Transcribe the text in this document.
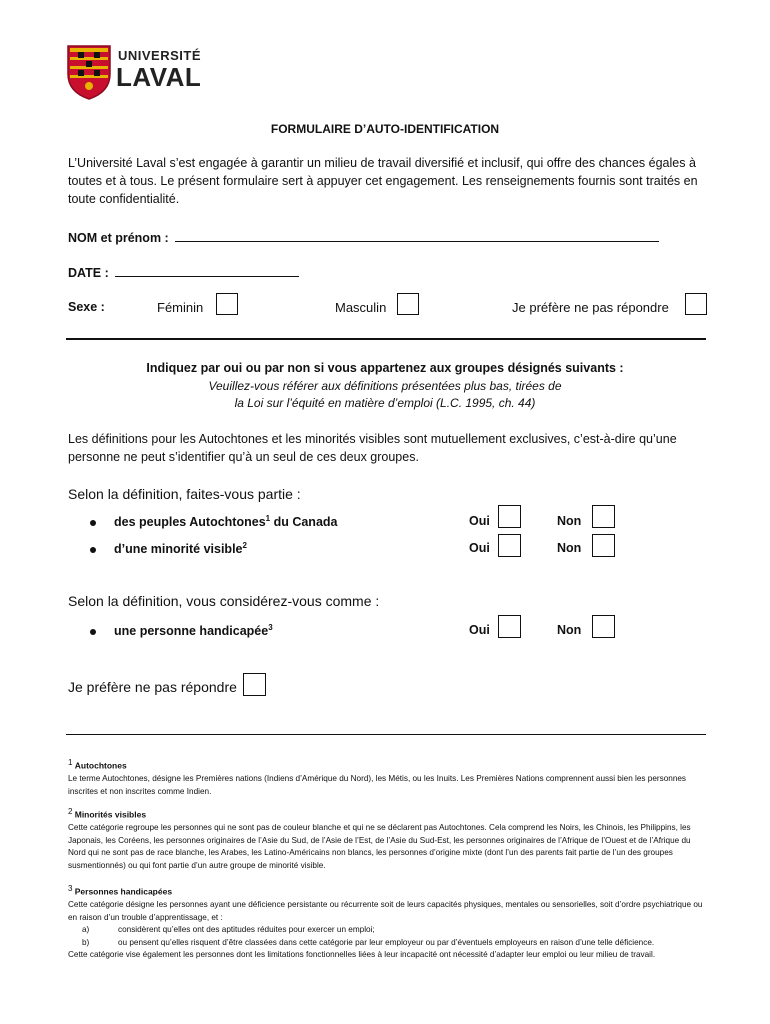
UNIVERSITÉ
LAVAL
FORMULAIRE D’AUTO-IDENTIFICATION
L’Université Laval s’est engagée à garantir un milieu de travail diversifié et inclusif, qui offre des chances égales à toutes et à tous. Le présent formulaire sert à appuyer cet engagement. Les renseignements fournis sont traités en toute confidentialité.
NOM et prénom :
DATE :
Sexe :	Féminin	Masculin	Je préfère ne pas répondre
Indiquez par oui ou par non si vous appartenez aux groupes désignés suivants :
Veuillez-vous référer aux définitions présentées plus bas, tirées de
la Loi sur l’équité en matière d’emploi (L.C. 1995, ch. 44)
Les définitions pour les Autochtones et les minorités visibles sont mutuellement exclusives, c’est-à-dire qu’une personne ne peut s’identifier qu’à un seul de ces deux groupes.
Selon la définition, faites-vous partie :
des peuples Autochtones$^1$ du Canada	Oui	Non
d’une minorité visible$^2$	Oui	Non
Selon la définition, vous considérez-vous comme :
une personne handicapée$^3$	Oui	Non
Je préfère ne pas répondre
$^1$ Autochtones
Le terme Autochtones, désigne les Premières nations (Indiens d’Amérique du Nord), les Métis, ou les Inuits. Les Premières Nations comprennent aussi bien les personnes inscrites et non inscrites comme Indien.
$^2$ Minorités visibles
Cette catégorie regroupe les personnes qui ne sont pas de couleur blanche et qui ne se déclarent pas Autochtones. Cela comprend les Noirs, les Chinois, les Philippins, les Japonais, les Coréens, les personnes originaires de l’Asie du Sud, de l’Asie de l’Est, de l’Asie du Sud-Est, les personnes originaires de l’Afrique de l’Ouest et de l’Afrique du Nord qui ne sont pas de race blanche, les Arabes, les Latino-Américains non blancs, les personnes d’origine mixte (dont l’un des parents fait partie de l’un des groupes susmentionnés) ou qui font partie d’un autre groupe de minorité visible.
$^3$ Personnes handicapées
Cette catégorie désigne les personnes ayant une déficience persistante ou récurrente soit de leurs capacités physiques, mentales ou sensorielles, soit d’ordre psychiatrique ou en raison d’un trouble d’apprentissage, et :
a)	considèrent qu’elles ont des aptitudes réduites pour exercer un emploi;
b)	ou pensent qu’elles risquent d’être classées dans cette catégorie par leur employeur ou par d’éventuels employeurs en raison d’une telle déficience.
Cette catégorie vise également les personnes dont les limitations fonctionnelles liées à leur incapacité ont nécessité d’adapter leur emploi ou leur milieu de travail.
